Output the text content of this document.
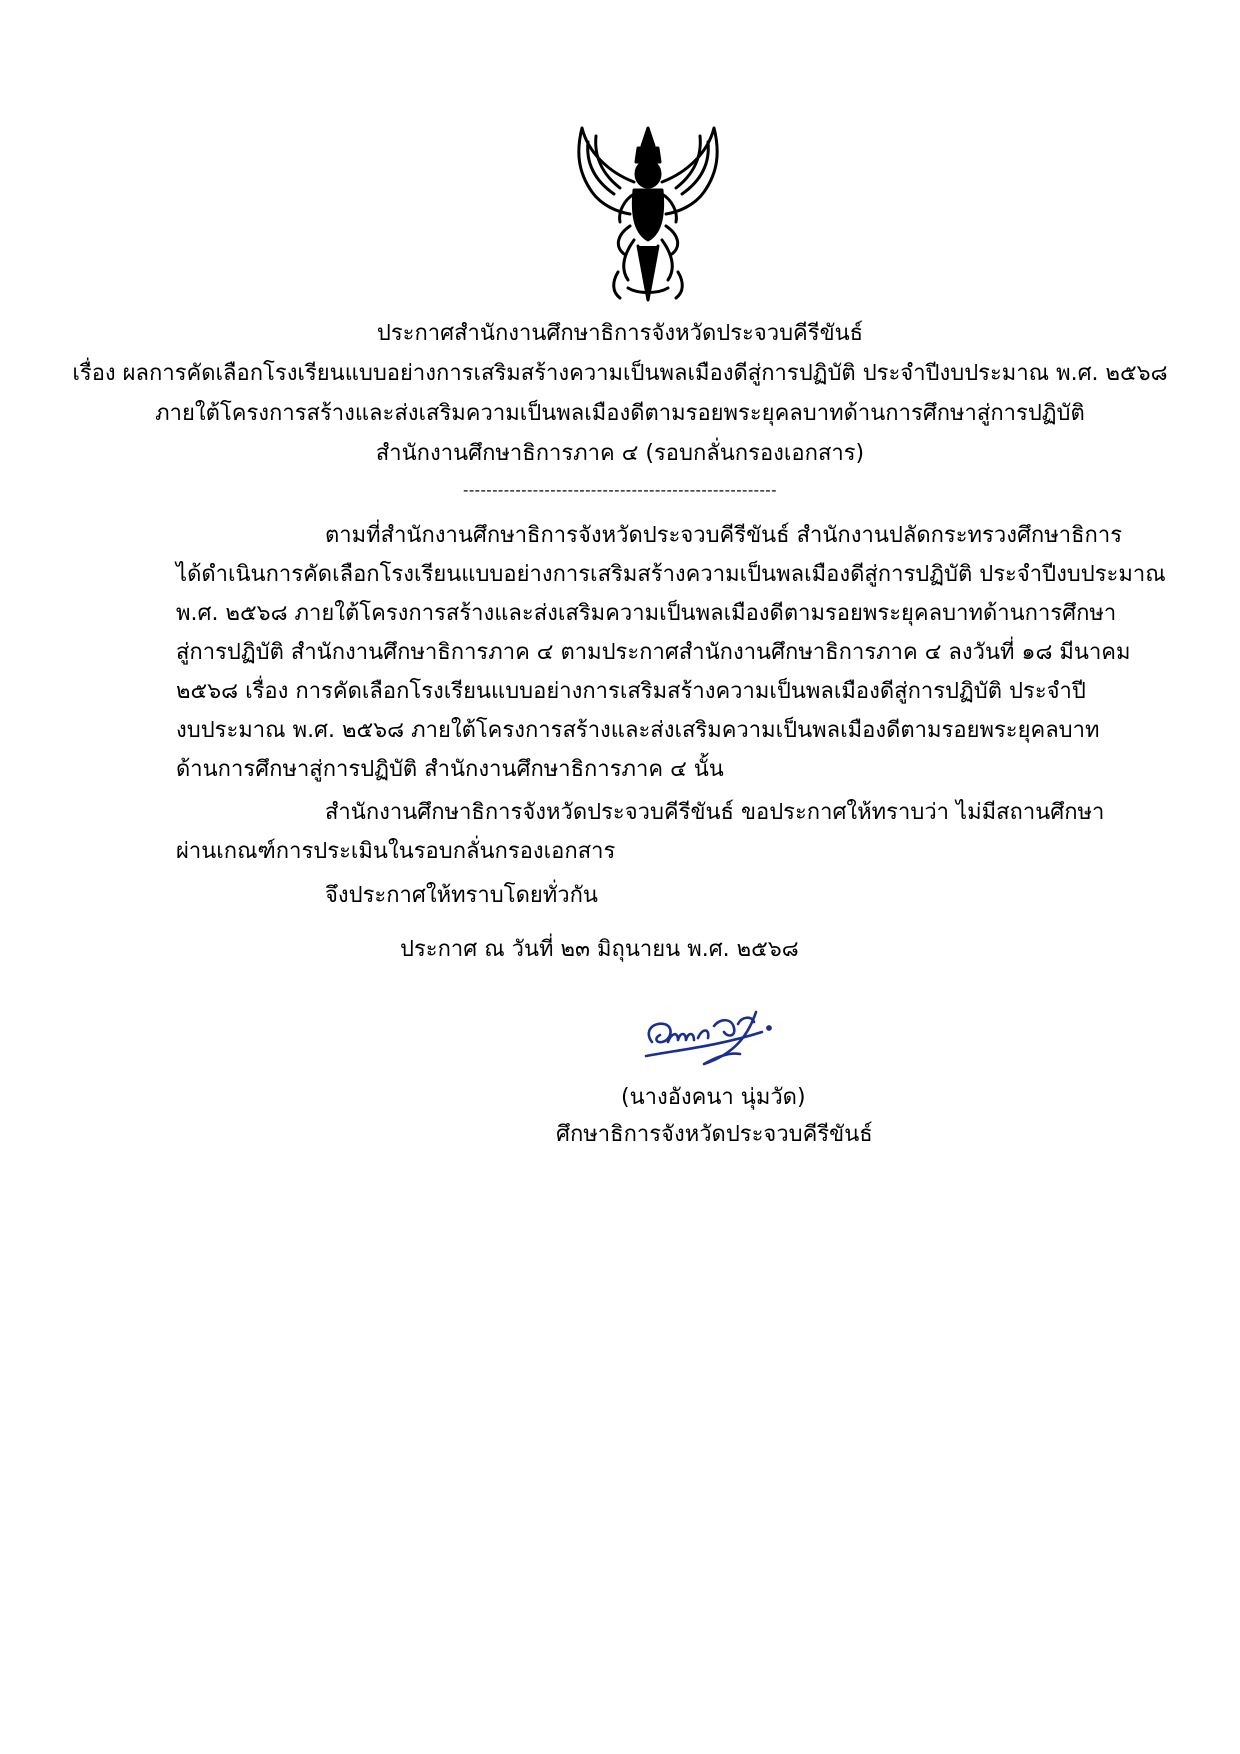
ประกาศสำนักงานศึกษาธิการจังหวัดประจวบคีรีขันธ์
เรื่อง ผลการคัดเลือกโรงเรียนแบบอย่างการเสริมสร้างความเป็นพลเมืองดีสู่การปฏิบัติ ประจำปีงบประมาณ พ.ศ. ๒๕๖๘
ภายใต้โครงการสร้างและส่งเสริมความเป็นพลเมืองดีตามรอยพระยุคลบาทด้านการศึกษาสู่การปฏิบัติ
สำนักงานศึกษาธิการภาค ๔ (รอบกลั่นกรองเอกสาร)
------------------------------------------------------
ตามที่สำนักงานศึกษาธิการจังหวัดประจวบคีรีขันธ์ สำนักงานปลัดกระทรวงศึกษาธิการ
ได้ดำเนินการคัดเลือกโรงเรียนแบบอย่างการเสริมสร้างความเป็นพลเมืองดีสู่การปฏิบัติ ประจำปีงบประมาณ
พ.ศ. ๒๕๖๘ ภายใต้โครงการสร้างและส่งเสริมความเป็นพลเมืองดีตามรอยพระยุคลบาทด้านการศึกษา
สู่การปฏิบัติ สำนักงานศึกษาธิการภาค ๔ ตามประกาศสำนักงานศึกษาธิการภาค ๔ ลงวันที่ ๑๘ มีนาคม
๒๕๖๘ เรื่อง การคัดเลือกโรงเรียนแบบอย่างการเสริมสร้างความเป็นพลเมืองดีสู่การปฏิบัติ ประจำปี
งบประมาณ พ.ศ. ๒๕๖๘ ภายใต้โครงการสร้างและส่งเสริมความเป็นพลเมืองดีตามรอยพระยุคลบาท
ด้านการศึกษาสู่การปฏิบัติ สำนักงานศึกษาธิการภาค ๔ นั้น
สำนักงานศึกษาธิการจังหวัดประจวบคีรีขันธ์ ขอประกาศให้ทราบว่า ไม่มีสถานศึกษา
ผ่านเกณฑ์การประเมินในรอบกลั่นกรองเอกสาร
จึงประกาศให้ทราบโดยทั่วกัน
ประกาศ ณ วันที่ ๒๓ มิถุนายน พ.ศ. ๒๕๖๘
(นางอังคนา นุ่มวัด)
ศึกษาธิการจังหวัดประจวบคีรีขันธ์
